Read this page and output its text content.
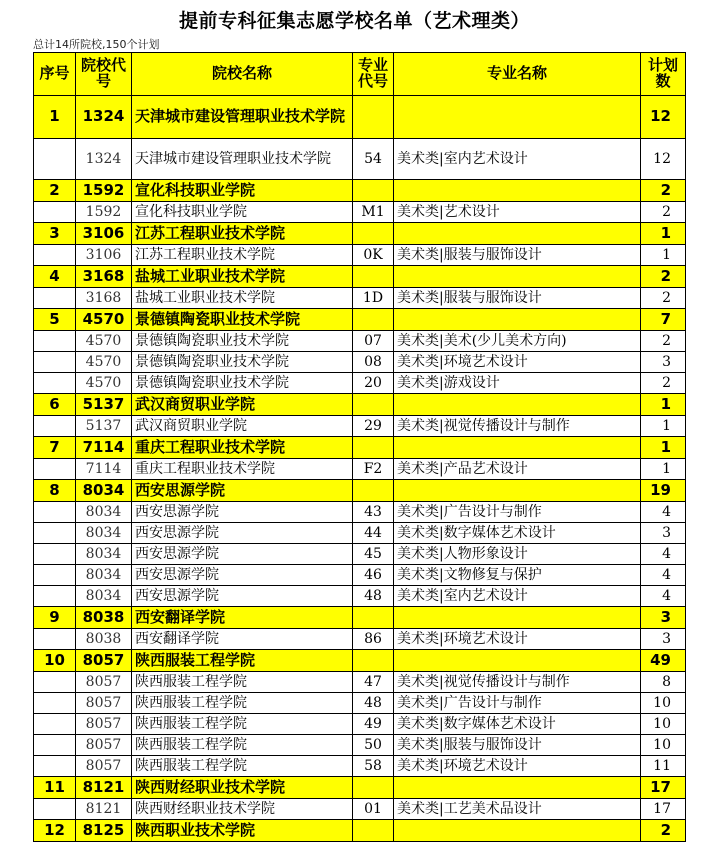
提前专科征集志愿学校名单（艺术理类）
总计14所院校,150个计划
序号	院校代号	院校名称	专业代号	专业名称	计划数
1	1324	天津城市建设管理职业技术学院			12
	1324	天津城市建设管理职业技术学院	54	美术类|室内艺术设计	12
2	1592	宣化科技职业学院			2
	1592	宣化科技职业学院	M1	美术类|艺术设计	2
3	3106	江苏工程职业技术学院			1
	3106	江苏工程职业技术学院	0K	美术类|服装与服饰设计	1
4	3168	盐城工业职业技术学院			2
	3168	盐城工业职业技术学院	1D	美术类|服装与服饰设计	2
5	4570	景德镇陶瓷职业技术学院			7
	4570	景德镇陶瓷职业技术学院	07	美术类|美术(少儿美术方向)	2
	4570	景德镇陶瓷职业技术学院	08	美术类|环境艺术设计	3
	4570	景德镇陶瓷职业技术学院	20	美术类|游戏设计	2
6	5137	武汉商贸职业学院			1
	5137	武汉商贸职业学院	29	美术类|视觉传播设计与制作	1
7	7114	重庆工程职业技术学院			1
	7114	重庆工程职业技术学院	F2	美术类|产品艺术设计	1
8	8034	西安思源学院			19
	8034	西安思源学院	43	美术类|广告设计与制作	4
	8034	西安思源学院	44	美术类|数字媒体艺术设计	3
	8034	西安思源学院	45	美术类|人物形象设计	4
	8034	西安思源学院	46	美术类|文物修复与保护	4
	8034	西安思源学院	48	美术类|室内艺术设计	4
9	8038	西安翻译学院			3
	8038	西安翻译学院	86	美术类|环境艺术设计	3
10	8057	陕西服装工程学院			49
	8057	陕西服装工程学院	47	美术类|视觉传播设计与制作	8
	8057	陕西服装工程学院	48	美术类|广告设计与制作	10
	8057	陕西服装工程学院	49	美术类|数字媒体艺术设计	10
	8057	陕西服装工程学院	50	美术类|服装与服饰设计	10
	8057	陕西服装工程学院	58	美术类|环境艺术设计	11
11	8121	陕西财经职业技术学院			17
	8121	陕西财经职业技术学院	01	美术类|工艺美术品设计	17
12	8125	陕西职业技术学院			2
